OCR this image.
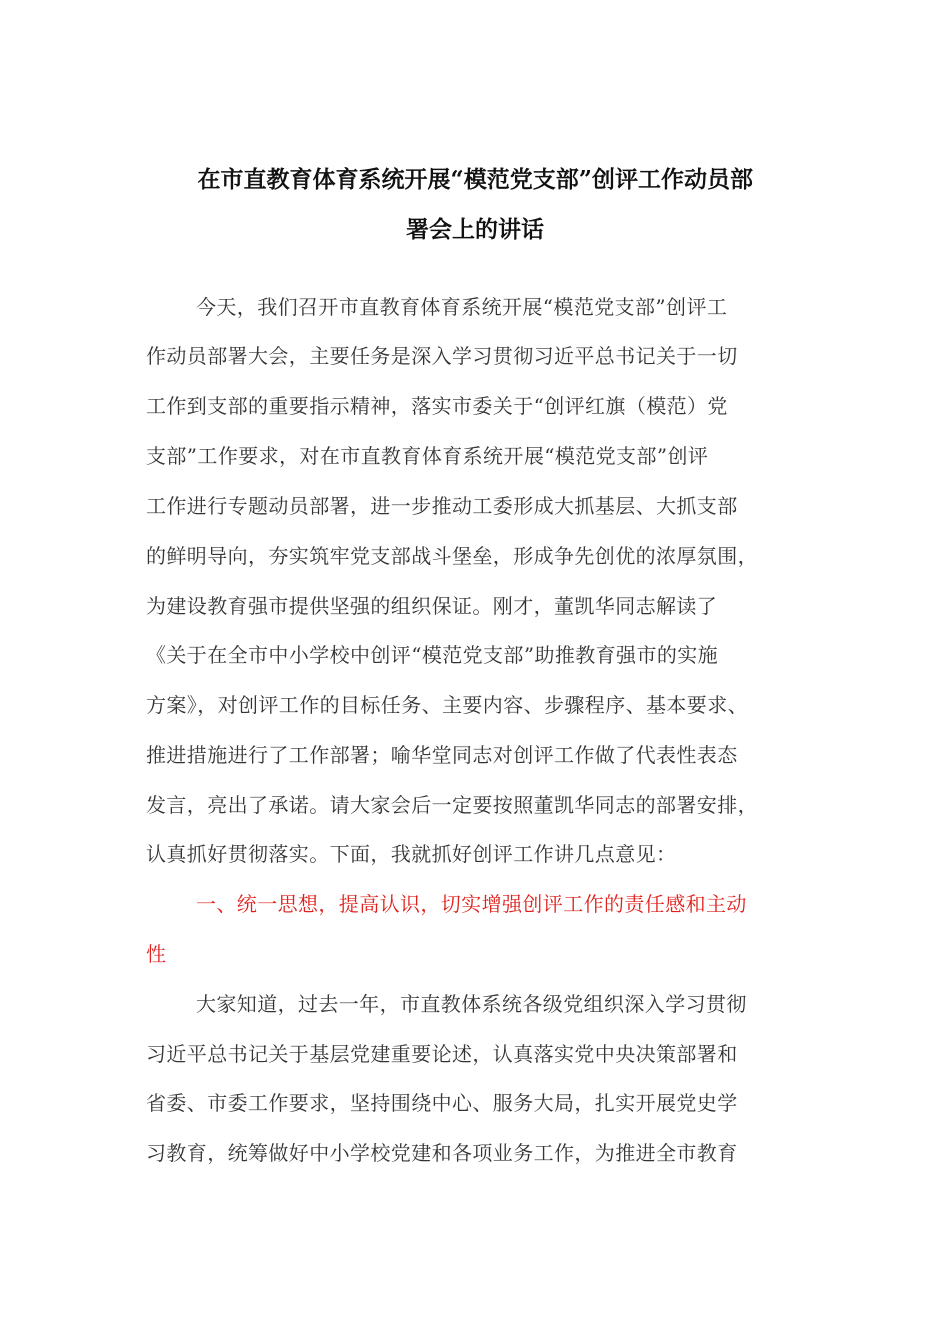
在市直教育体育系统开展“模范党支部”创评工作动员部
署会上的讲话
今天，我们召开市直教育体育系统开展“模范党支部”创评工
作动员部署大会，主要任务是深入学习贯彻习近平总书记关于一切
工作到支部的重要指示精神，落实市委关于“创评红旗（模范）党
支部”工作要求，对在市直教育体育系统开展“模范党支部”创评
工作进行专题动员部署，进一步推动工委形成大抓基层、大抓支部
的鲜明导向，夯实筑牢党支部战斗堡垒，形成争先创优的浓厚氛围，
为建设教育强市提供坚强的组织保证。刚才，董凯华同志解读了
《关于在全市中小学校中创评“模范党支部”助推教育强市的实施
方案》，对创评工作的目标任务、主要内容、步骤程序、基本要求、
推进措施进行了工作部署；喻华堂同志对创评工作做了代表性表态
发言，亮出了承诺。请大家会后一定要按照董凯华同志的部署安排，
认真抓好贯彻落实。下面，我就抓好创评工作讲几点意见：
一、统一思想，提高认识，切实增强创评工作的责任感和主动
性
大家知道，过去一年，市直教体系统各级党组织深入学习贯彻
习近平总书记关于基层党建重要论述，认真落实党中央决策部署和
省委、市委工作要求，坚持围绕中心、服务大局，扎实开展党史学
习教育，统筹做好中小学校党建和各项业务工作，为推进全市教育
